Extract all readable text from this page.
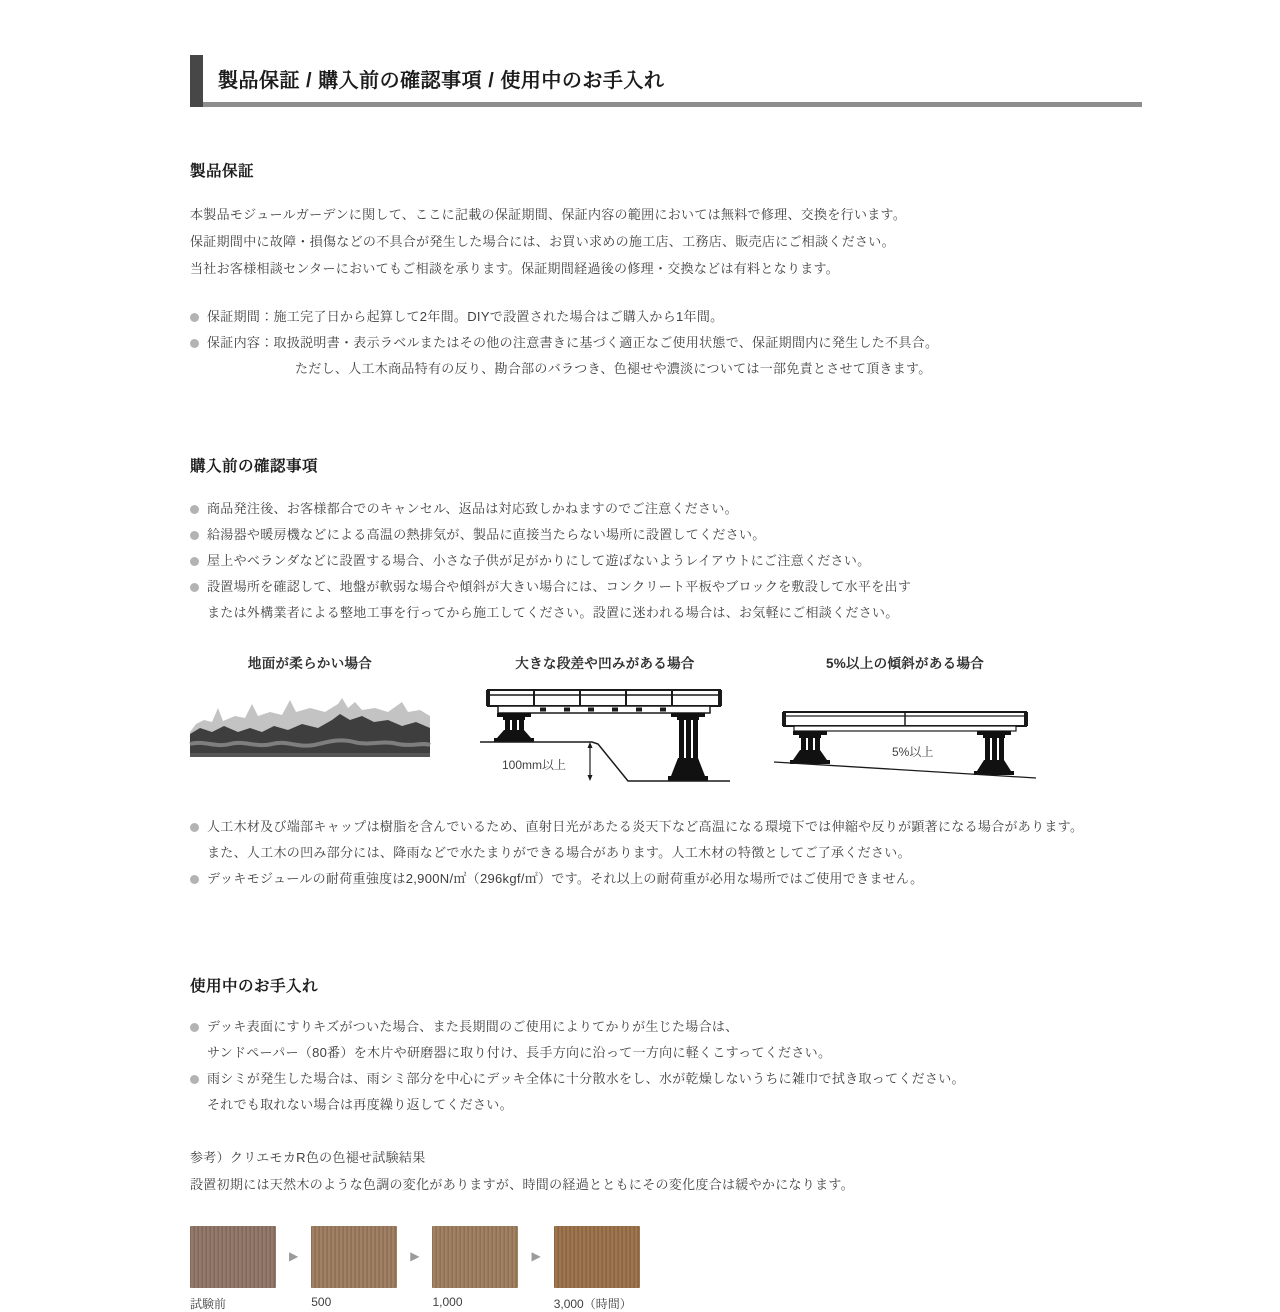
製品保証 / 購入前の確認事項 / 使用中のお手入れ
製品保証
本製品モジュールガーデンに関して、ここに記載の保証期間、保証内容の範囲においては無料で修理、交換を行います。
保証期間中に故障・損傷などの不具合が発生した場合には、お買い求めの施工店、工務店、販売店にご相談ください。
当社お客様相談センターにおいてもご相談を承ります。保証期間経過後の修理・交換などは有料となります。
保証期間：施工完了日から起算して2年間。DIYで設置された場合はご購入から1年間。
保証内容：取扱説明書・表示ラベルまたはその他の注意書きに基づく適正なご使用状態で、保証期間内に発生した不具合。
ただし、人工木商品特有の反り、勘合部のバラつき、色褪せや濃淡については一部免責とさせて頂きます。
購入前の確認事項
商品発注後、お客様都合でのキャンセル、返品は対応致しかねますのでご注意ください。
給湯器や暖房機などによる高温の熱排気が、製品に直接当たらない場所に設置してください。
屋上やベランダなどに設置する場合、小さな子供が足がかりにして遊ばないようレイアウトにご注意ください。
設置場所を確認して、地盤が軟弱な場合や傾斜が大きい場合には、コンクリート平板やブロックを敷設して水平を出す
または外構業者による整地工事を行ってから施工してください。設置に迷われる場合は、お気軽にご相談ください。
地面が柔らかい場合	大きな段差や凹みがある場合
100mm以上
5%以上の傾斜がある場合
5%以上
人工木材及び端部キャップは樹脂を含んでいるため、直射日光があたる炎天下など高温になる環境下では伸縮や反りが顕著になる場合があります。
また、人工木の凹み部分には、降雨などで水たまりができる場合があります。人工木材の特徴としてご了承ください。
デッキモジュールの耐荷重強度は2,900N/㎡（296kgf/㎡）です。それ以上の耐荷重が必用な場所ではご使用できません。
使用中のお手入れ
デッキ表面にすりキズがついた場合、また長期間のご使用によりてかりが生じた場合は、
サンドペーパー（80番）を木片や研磨器に取り付け、長手方向に沿って一方向に軽くこすってください。
雨シミが発生した場合は、雨シミ部分を中心にデッキ全体に十分散水をし、水が乾燥しないうちに雑巾で拭き取ってください。
それでも取れない場合は再度繰り返してください。
参考）クリエモカR色の色褪せ試験結果
設置初期には天然木のような色調の変化がありますが、時間の経過とともにその変化度合は緩やかになります。
試験前
▶
500
▶
1,000
▶
3,000（時間）
